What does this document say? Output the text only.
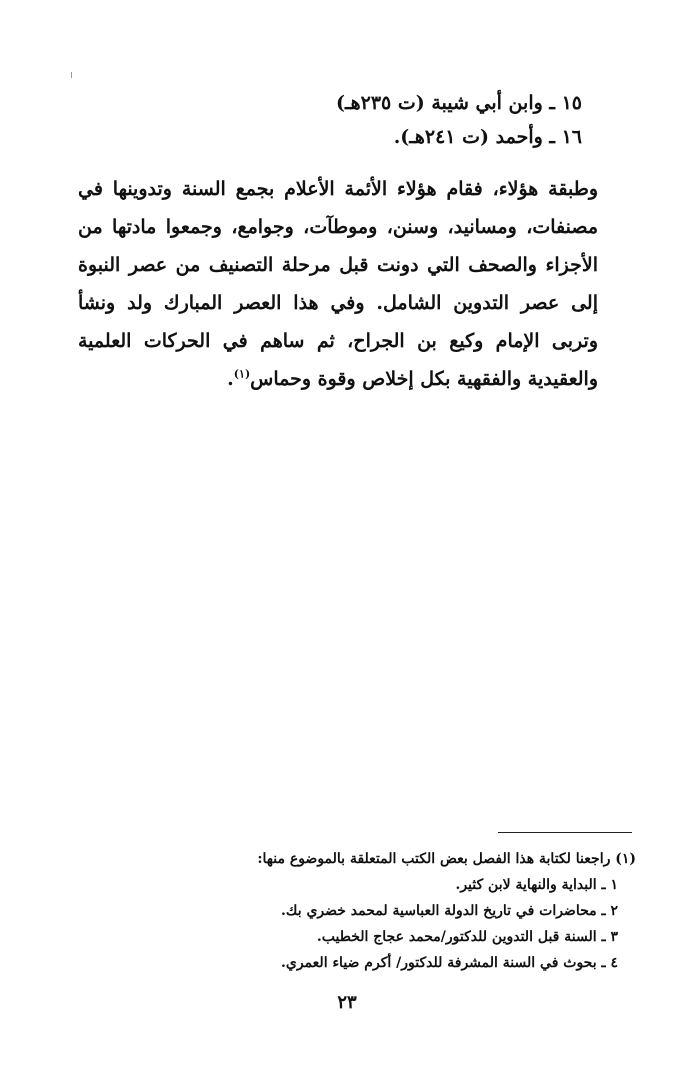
١٥ ـ وابن أبي شيبة (ت ٢٣٥هـ)
١٦ ـ وأحمد (ت ٢٤١هـ).
وطبقة هؤلاء، فقام هؤلاء الأئمة الأعلام بجمع السنة وتدوينها في مصنفات، ومسانيد، وسنن، وموطآت، وجوامع، وجمعوا مادتها من الأجزاء والصحف التي دونت قبل مرحلة التصنيف من عصر النبوة إلى عصر التدوين الشامل. وفي هذا العصر المبارك ولد ونشأ وتربى الإمام وكيع بن الجراح، ثم ساهم في الحركات العلمية والعقيدية والفقهية بكل إخلاص وقوة وحماس$^{(١)}$.
(١) راجعنا لكتابة هذا الفصل بعض الكتب المتعلقة بالموضوع منها:
١ ـ البداية والنهاية لابن كثير.
٢ ـ محاضرات في تاريخ الدولة العباسية لمحمد خضري بك.
٣ ـ السنة قبل التدوين للدكتور/محمد عجاج الخطيب.
٤ ـ بحوث في السنة المشرفة للدكتور/ أكرم ضياء العمري.
٢٣
